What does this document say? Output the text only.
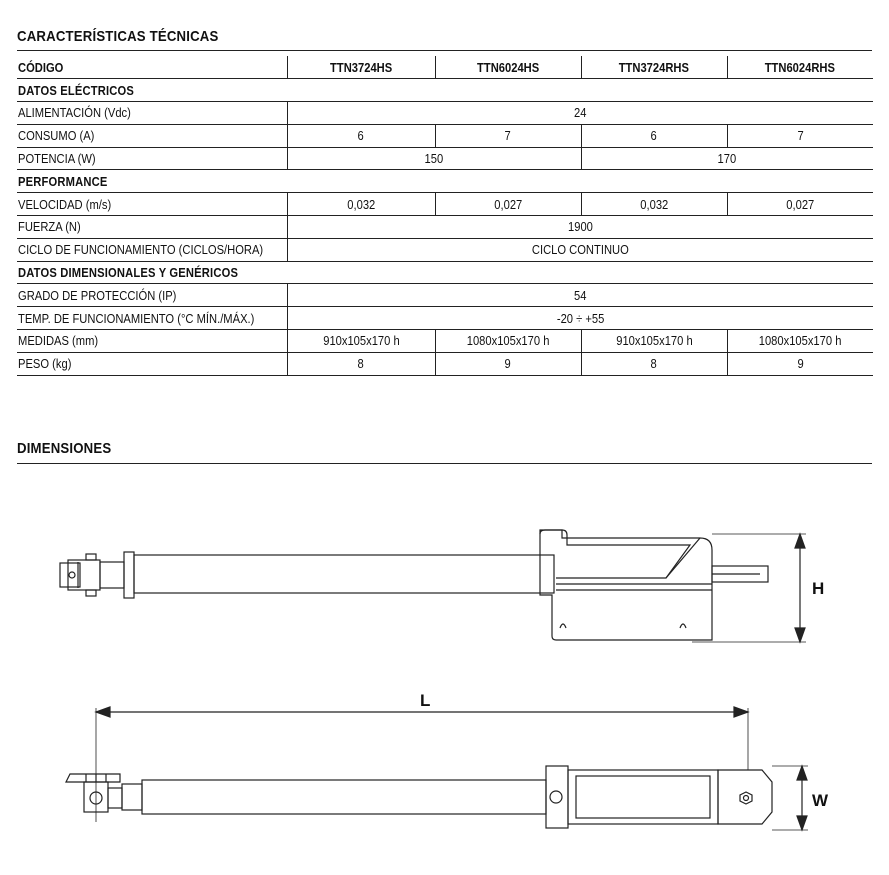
CARACTERÍSTICAS TÉCNICAS
CÓDIGO	TTN3724HS	TTN6024HS	TTN3724RHS	TTN6024RHS
DATOS ELÉCTRICOS				
ALIMENTACIÓN (Vdc)	24			
CONSUMO (A)	6	7	6	7
POTENCIA (W)	150		170	
PERFORMANCE				
VELOCIDAD (m/s)	0,032	0,027	0,032	0,027
FUERZA (N)	1900			
CICLO DE FUNCIONAMIENTO (CICLOS/HORA)	CICLO CONTINUO			
DATOS DIMENSIONALES Y GENÉRICOS				
GRADO DE PROTECCIÓN (IP)	54			
TEMP. DE FUNCIONAMIENTO (°C MÍN./MÁX.)	-20 ÷ +55			
MEDIDAS (mm)	910x105x170 h	1080x105x170 h	910x105x170 h	1080x105x170 h
PESO (kg)	8	9	8	9
DIMENSIONES
H
L
W
